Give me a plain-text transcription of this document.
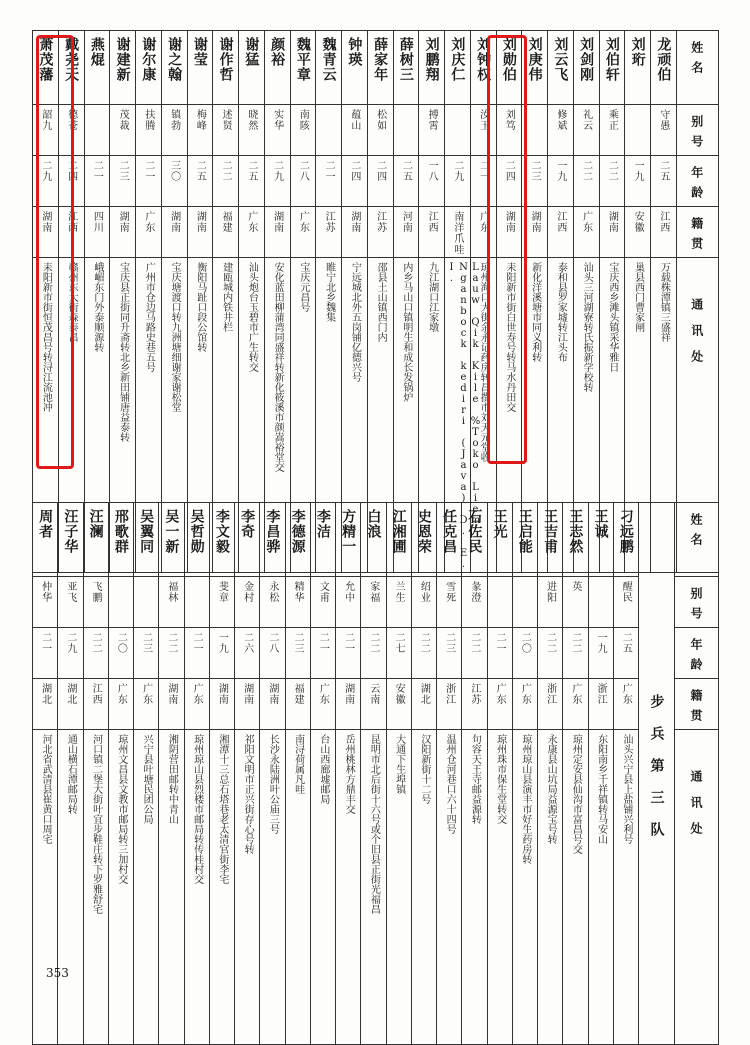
萧茂藩	戴尧天	燕焜	谢建新	谢尔康	谢之翰	谢莹	谢作哲	谢猛	颜裕	魏平章	魏青云	钟瑛	薛家年	薛树三	刘鹏翔	刘庆仁	刘钟权	刘勋伯	刘庚伟	刘云飞	刘剑刚	刘伯轩	刘珩	龙顽伯	姓名

韶九	德苍		茂裁	扶腾	镇勃	梅峰	述贤	晓然	实华	南陔		蕴山	松如		搏霄		汝玉	刘笃		修斌	礼云	乘正		守愚	别号

二九	二四	二一	二三	二一	三〇	二五	二二	二五	二九	二八	二一	二四	二四	二五	一八	二九	二一	二四	二三	一九	二二	二二	一九	二五	年龄

湖南	江西	四川	湖南	广东	湖南	湖南	福建	广东	湖南	广东	江苏	湖南	江苏	河南	江西	南洋爪哇	广东	湖南	湖南	江西	广东	湖南	安徽	江西	籍贯

耒阳新市街恒茂昌号转浔江流池冲	赣州东大街森泰昌	峨嵋东门外泰顺源转	宝庆县正街同升斋转北乡新田铺唐益泰转	广州市仓边马路史巷五号	宝庆塘渡口转九洲塘细谢家谢松堂	衡阳马趾口段公馆转	建瓯城内铁井栏	汕头炮台玉碧市广生转交	安化蓝田柳蒲湾同盛祥转新化筱溪市颜嵩裕堂交	宝庆元昌号	睢宁北乡魏集	宁远城北外五岗铺亿德兴号	邵县土山镇西门内	内乡马山口镇明生和成长发锅炉	九江湖口江家墩	Lauw Qik Kile %Toko Liem Nganbock kediri (Java) D. E. I.	琼州海口大街余永记药房转昌撰市刘天元堂收	耒阳新市街白世寿号转马水丹田交	新化洋溪塘市同义利转	泰和县罗家墟转江头布	汕头三河湖寮转氏振新学校转	宝庆西乡滩头镇采华雅日	巢县西门曹家闸	万载株潭镇三盛祥	通讯处
周者	汪子华	汪澜	邢歌群	吴翼同	吴一新	吴哲勋	李文毅	李奇	李昌骅	李德源	李洁	方精一	白浪	江湘圃	史恩荣	任克昌	石佐民	王光	王启能	王吉甫	王志然	王诚	刁远鹏	步兵第三队	姓名

仲华	亚飞	飞鹏			福林		斐章	金村	永松	精华	文甫	允中	家福	兰生	绍业	雪死	彖澄			进阳	英		醒民		别号

二一	二九	二二	二〇	二三	二二	二一	一九	二六	二八	二三	二一	二一	二二	二七	二二	二三	二二	二一	二〇	二二	二二	一九	二五		年龄

湖北	湖北	江西	广东	广东	湖南	广东	湖南	湖南	湖南	福建	广东	湖南	云南	安徽	湖北	浙江	江苏	广东	广东	浙江	广东	浙江	广东		籍贯

河北省武清县崔黄口周宅	通山横石潭邮局转	河口镇二堡大街叶宜步鞋庄转下罗雅舒宅	琼州文昌县文教市邮局转三加村交	兴宁县叶塘民团公局	湘阴营田邮转中青山	琼州琼山县烈楼市邮局转传桂村交	湘潭十三总石塔巷老太清官街李宅	祁阳文明市正兴街存心号转	长沙永陆洲叶公庙三号	南浔荷属凡哇	台山西廊墟邮局	岳州桃林方鼎丰交	昆明市北后街十六号或个旧县正街光福昌	大通下生埠镇	汉阳新街十二号	温州仓河巷口六十四号	句容天王寺邮益源转	琼州珠市保生堂转交	琼州琼山县演丰市好生药房转	永康县山坑局益源宝号转	琼州定安县仙沟市富昌号交	东阳南乡千祥镇转马安山	汕头兴宁县上盐铺兴利号		通讯处
353
